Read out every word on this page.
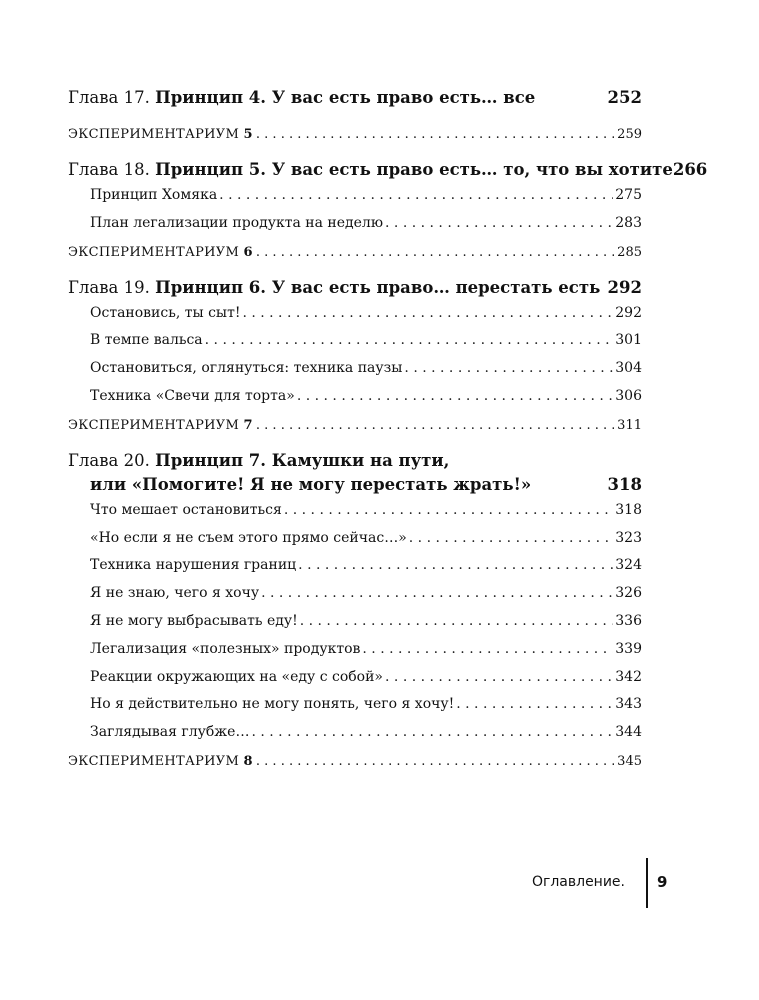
Глава 17. Принцип 4. У вас есть право есть… все	252
ЭКСПЕРИМЕНТАРИУМ 5 . . .	259
Глава 18. Принцип 5. У вас есть право есть… то, что вы хотите 266
Принцип Хомяка . . .	275
План легализации продукта на неделю . . .	283
ЭКСПЕРИМЕНТАРИУМ 6 . . .	285
Глава 19. Принцип 6. У вас есть право… перестать есть 292
Остановись, ты сыт! . . .	292
В темпе вальса . . .	301
Остановиться, оглянуться: техника паузы . . .	304
Техника «Свечи для торта» . . .	306
ЭКСПЕРИМЕНТАРИУМ 7 . . .	311
Глава 20. Принцип 7. Камушки на пути,
или «Помогите! Я не могу перестать жрать!»	318
Что мешает остановиться . . .	318
«Но если я не съем этого прямо сейчас…» . . .	323
Техника нарушения границ . . .	324
Я не знаю, чего я хочу . . .	326
Я не могу выбрасывать еду! . . .	336
Легализация «полезных» продуктов . . .	339
Реакции окружающих на «еду с собой» . . .	342
Но я действительно не могу понять, чего я хочу! . . .	343
Заглядывая глубже… . . .	344
ЭКСПЕРИМЕНТАРИУМ 8 . . .	345
Оглавление. 9
